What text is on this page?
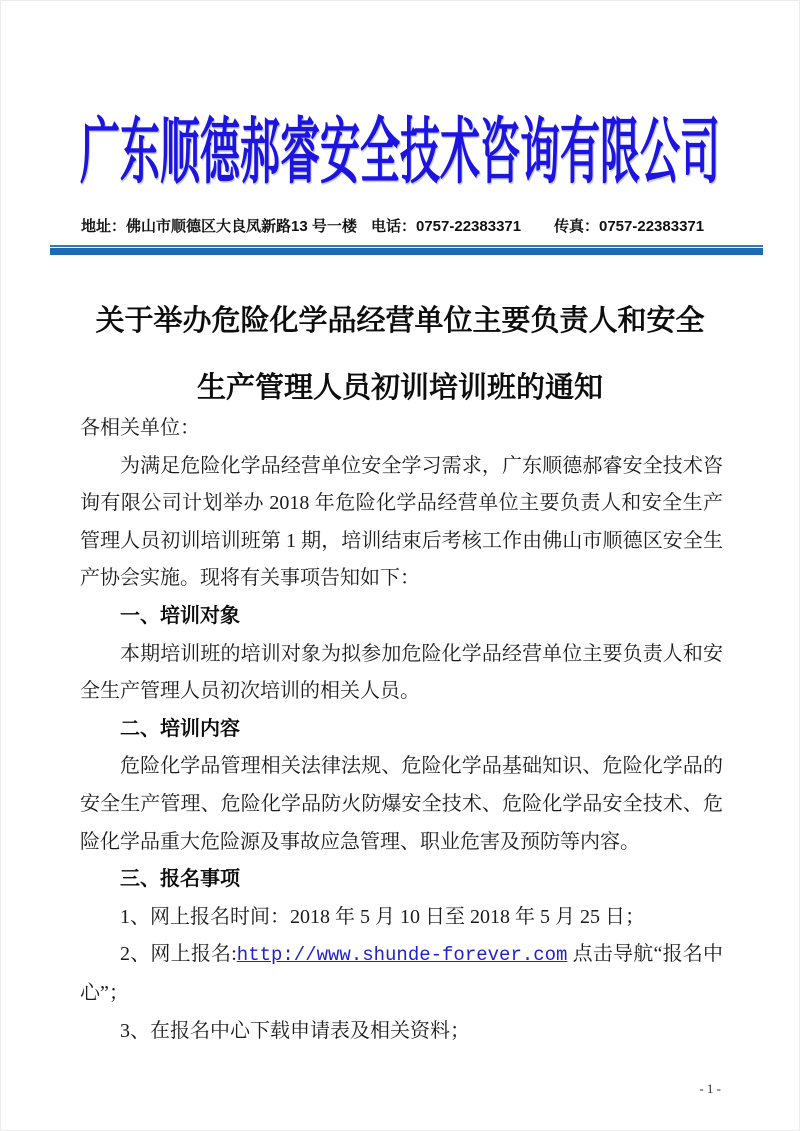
广东顺德郝睿安全技术咨询有限公司
地址：佛山市顺德区大良凤新路13 号一楼 电话：0757-22383371 传真：0757-22383371
关于举办危险化学品经营单位主要负责人和安全
生产管理人员初训培训班的通知

各相关单位：

为满足危险化学品经营单位安全学习需求，广东顺德郝睿安全技术咨询有限公司计划举办 2018 年危险化学品经营单位主要负责人和安全生产管理人员初训培训班第 1 期，培训结束后考核工作由佛山市顺德区安全生产协会实施。现将有关事项告知如下：

一、培训对象

本期培训班的培训对象为拟参加危险化学品经营单位主要负责人和安全生产管理人员初次培训的相关人员。

二、培训内容

危险化学品管理相关法律法规、危险化学品基础知识、危险化学品的安全生产管理、危险化学品防火防爆安全技术、危险化学品安全技术、危险化学品重大危险源及事故应急管理、职业危害及预防等内容。

三、报名事项

1、网上报名时间：2018 年 5 月 10 日至 2018 年 5 月 25 日；

2、网上报名:http://www.shunde-forever.com 点击导航“报名中心”；

3、在报名中心下载申请表及相关资料；

- 1 -
